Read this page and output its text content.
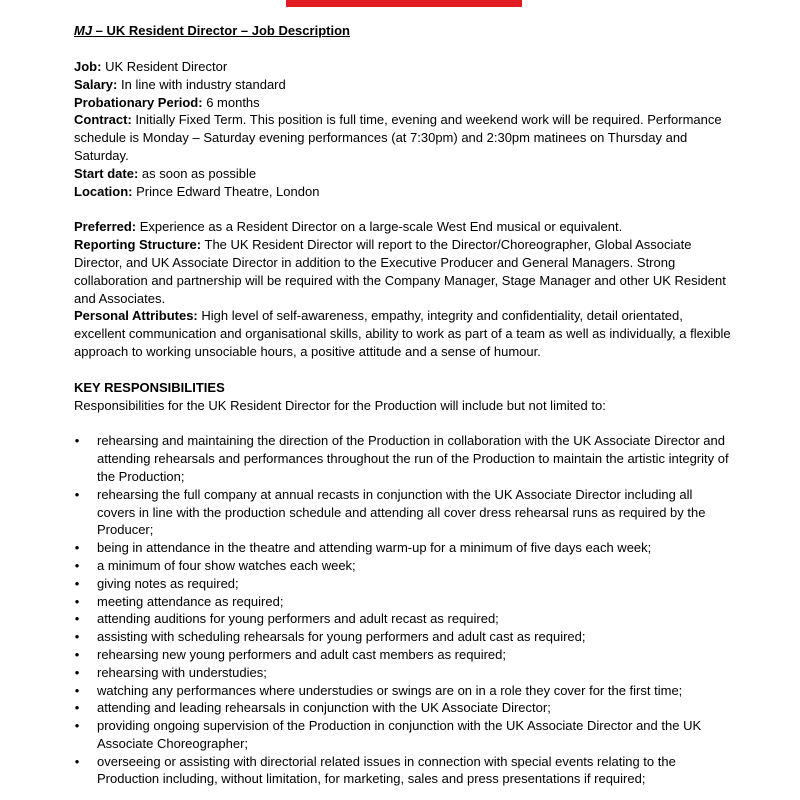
MJ – UK Resident Director – Job Description

Job: UK Resident Director

Salary: In line with industry standard

Probationary Period: 6 months

Contract: Initially Fixed Term. This position is full time, evening and weekend work will be required. Performance schedule is Monday – Saturday evening performances (at 7:30pm) and 2:30pm matinees on Thursday and Saturday.

Start date: as soon as possible

Location: Prince Edward Theatre, London

Preferred: Experience as a Resident Director on a large-scale West End musical or equivalent.

Reporting Structure: The UK Resident Director will report to the Director/Choreographer, Global Associate Director, and UK Associate Director in addition to the Executive Producer and General Managers. Strong collaboration and partnership will be required with the Company Manager, Stage Manager and other UK Resident and Associates.

Personal Attributes: High level of self-awareness, empathy, integrity and confidentiality, detail orientated, excellent communication and organisational skills, ability to work as part of a team as well as individually, a flexible approach to working unsociable hours, a positive attitude and a sense of humour.

KEY RESPONSIBILITIES

Responsibilities for the UK Resident Director for the Production will include but not limited to:

• rehearsing and maintaining the direction of the Production in collaboration with the UK Associate Director and attending rehearsals and performances throughout the run of the Production to maintain the artistic integrity of the Production;
• rehearsing the full company at annual recasts in conjunction with the UK Associate Director including all covers in line with the production schedule and attending all cover dress rehearsal runs as required by the Producer;
• being in attendance in the theatre and attending warm-up for a minimum of five days each week;
• a minimum of four show watches each week;
• giving notes as required;
• meeting attendance as required;
• attending auditions for young performers and adult recast as required;
• assisting with scheduling rehearsals for young performers and adult cast as required;
• rehearsing new young performers and adult cast members as required;
• rehearsing with understudies;
• watching any performances where understudies or swings are on in a role they cover for the first time;
• attending and leading rehearsals in conjunction with the UK Associate Director;
• providing ongoing supervision of the Production in conjunction with the UK Associate Director and the UK Associate Choreographer;
• overseeing or assisting with directorial related issues in connection with special events relating to the Production including, without limitation, for marketing, sales and press presentations if required;
